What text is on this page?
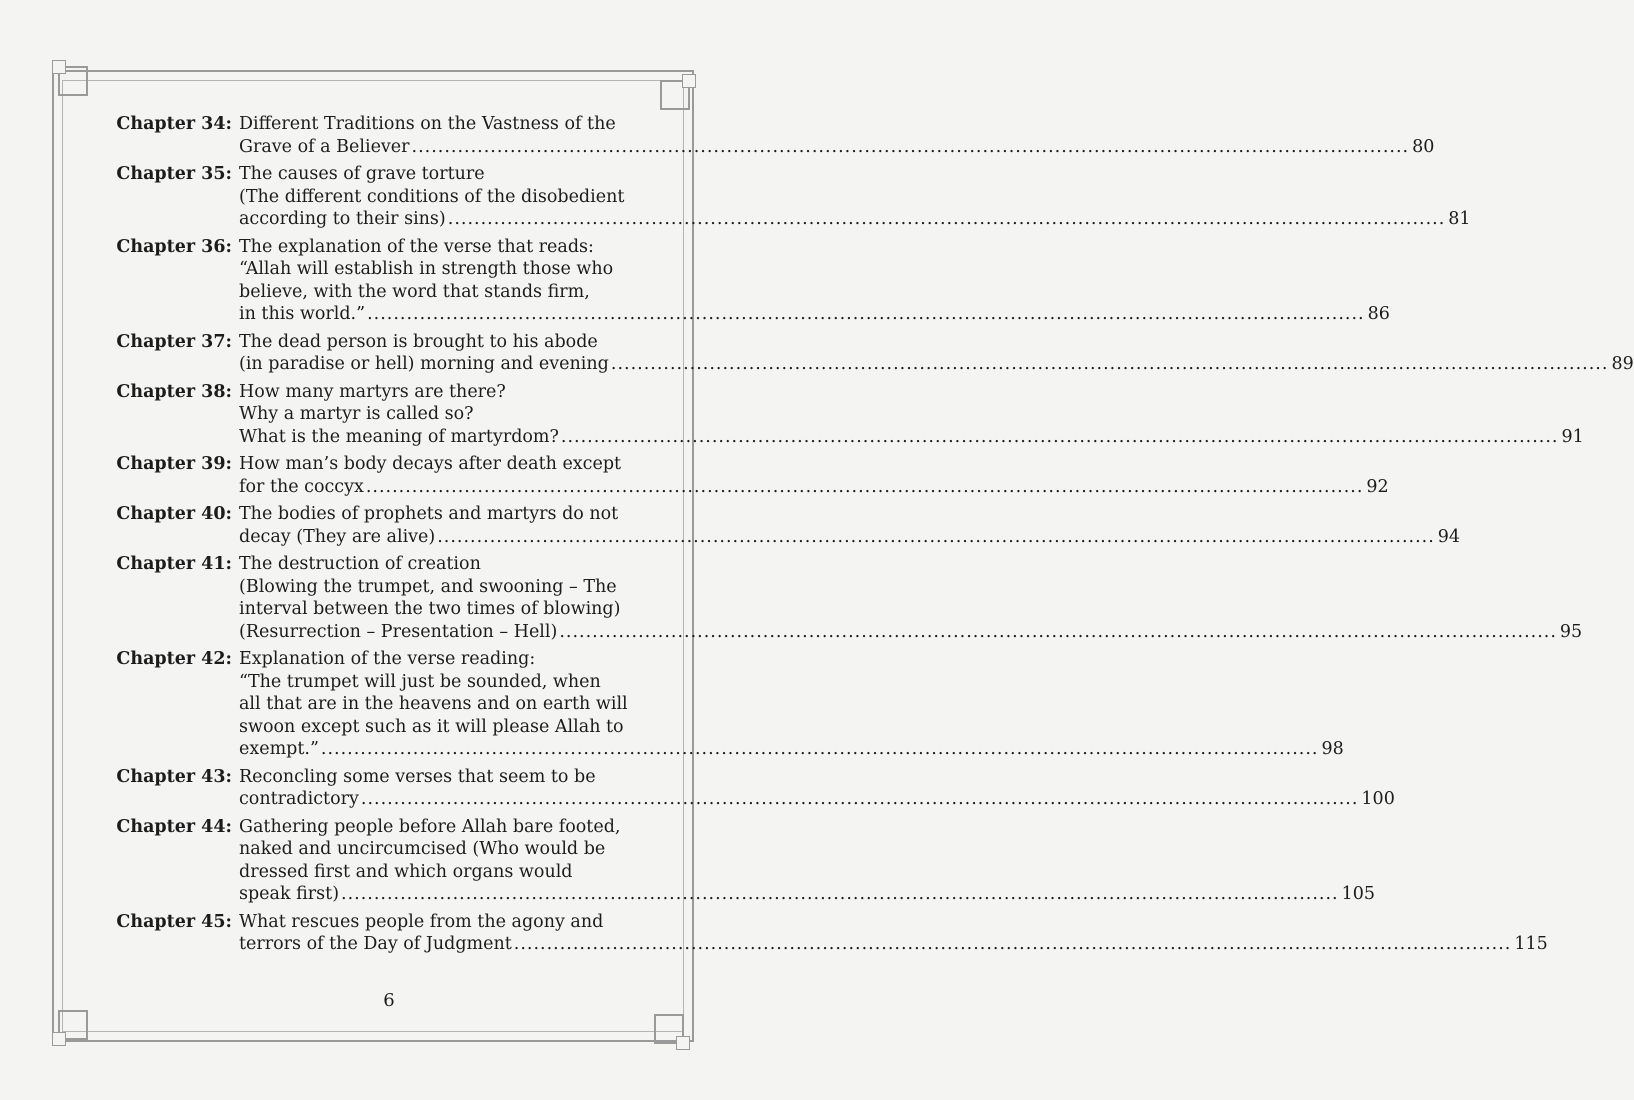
Chapter 34: Different Traditions on the Vastness of the
Grave of a Believer .....	80
Chapter 35: The causes of grave torture
(The different conditions of the disobedient
according to their sins) .....	81
Chapter 36: The explanation of the verse that reads:
“Allah will establish in strength those who
believe, with the word that stands firm,
in this world.” .....	86
Chapter 37: The dead person is brought to his abode
(in paradise or hell) morning and evening .....	89
Chapter 38: How many martyrs are there?
Why a martyr is called so?
What is the meaning of martyrdom? .....	91
Chapter 39: How man’s body decays after death except
for the coccyx .....	92
Chapter 40: The bodies of prophets and martyrs do not
decay (They are alive) .....	94
Chapter 41: The destruction of creation
(Blowing the trumpet, and swooning – The
interval between the two times of blowing)
(Resurrection – Presentation – Hell) .....	95
Chapter 42: Explanation of the verse reading:
“The trumpet will just be sounded, when
all that are in the heavens and on earth will
swoon except such as it will please Allah to
exempt.” .....	98
Chapter 43: Reconcling some verses that seem to be
contradictory .....	100
Chapter 44: Gathering people before Allah bare footed,
naked and uncircumcised (Who would be
dressed first and which organs would
speak first) .....	105
Chapter 45: What rescues people from the agony and
terrors of the Day of Judgment .....	115
6
